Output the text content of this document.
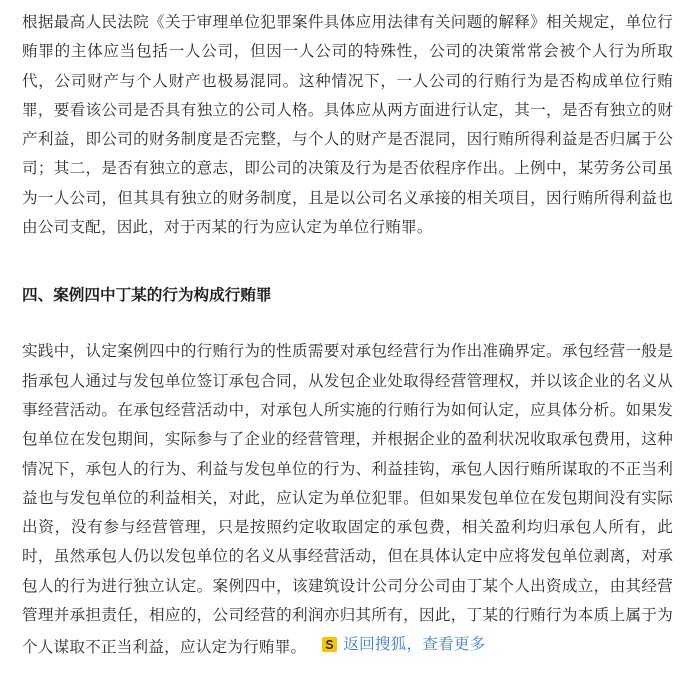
根据最高人民法院《关于审理单位犯罪案件具体应用法律有关问题的解释》相关规定，单位行贿罪的主体应当包括一人公司，但因一人公司的特殊性，公司的决策常常会被个人行为所取代，公司财产与个人财产也极易混同。这种情况下，一人公司的行贿行为是否构成单位行贿罪，要看该公司是否具有独立的公司人格。具体应从两方面进行认定，其一，是否有独立的财产利益，即公司的财务制度是否完整，与个人的财产是否混同，因行贿所得利益是否归属于公司；其二，是否有独立的意志，即公司的决策及行为是否依程序作出。上例中，某劳务公司虽为一人公司，但其具有独立的财务制度，且是以公司名义承接的相关项目，因行贿所得利益也由公司支配，因此，对于丙某的行为应认定为单位行贿罪。

四、案例四中丁某的行为构成行贿罪

实践中，认定案例四中的行贿行为的性质需要对承包经营行为作出准确界定。承包经营一般是指承包人通过与发包单位签订承包合同，从发包企业处取得经营管理权，并以该企业的名义从事经营活动。在承包经营活动中，对承包人所实施的行贿行为如何认定，应具体分析。如果发包单位在发包期间，实际参与了企业的经营管理，并根据企业的盈利状况收取承包费用，这种情况下，承包人的行为、利益与发包单位的行为、利益挂钩，承包人因行贿所谋取的不正当利益也与发包单位的利益相关，对此，应认定为单位犯罪。但如果发包单位在发包期间没有实际出资，没有参与经营管理，只是按照约定收取固定的承包费，相关盈利均归承包人所有，此时，虽然承包人仍以发包单位的名义从事经营活动，但在具体认定中应将发包单位剥离，对承包人的行为进行独立认定。案例四中，该建筑设计公司分公司由丁某个人出资成立，由其经营管理并承担责任，相应的，公司经营的利润亦归其所有，因此，丁某的行贿行为本质上属于为个人谋取不正当利益，应认定为行贿罪。 返回搜狐，查看更多
